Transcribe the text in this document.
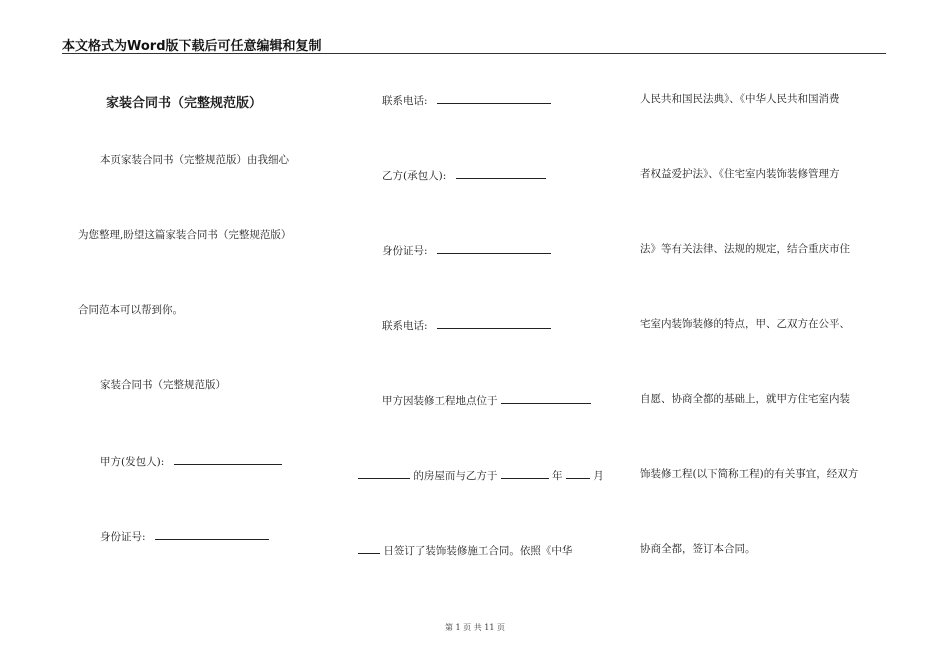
本文格式为Word版下载后可任意编辑和复制
家装合同书（完整规范版）
本页家装合同书（完整规范版）由我细心
为您整理,盼望这篇家装合同书（完整规范版）
合同范本可以帮到你。
家装合同书（完整规范版）
甲方(发包人):
身份证号:
联系电话:
乙方(承包人):
身份证号:
联系电话:
甲方因装修工程地点位于
的房屋而与乙方于	年	月
日签订了装饰装修施工合同。依照《中华
人民共和国民法典》、《中华人民共和国消费
者权益爱护法》、《住宅室内装饰装修管理方
法》等有关法律、法规的规定，结合重庆市住
宅室内装饰装修的特点，甲、乙双方在公平、
自愿、协商全都的基础上，就甲方住宅室内装
饰装修工程(以下简称工程)的有关事宜，经双方
协商全都，签订本合同。
第 1 页 共 11 页
